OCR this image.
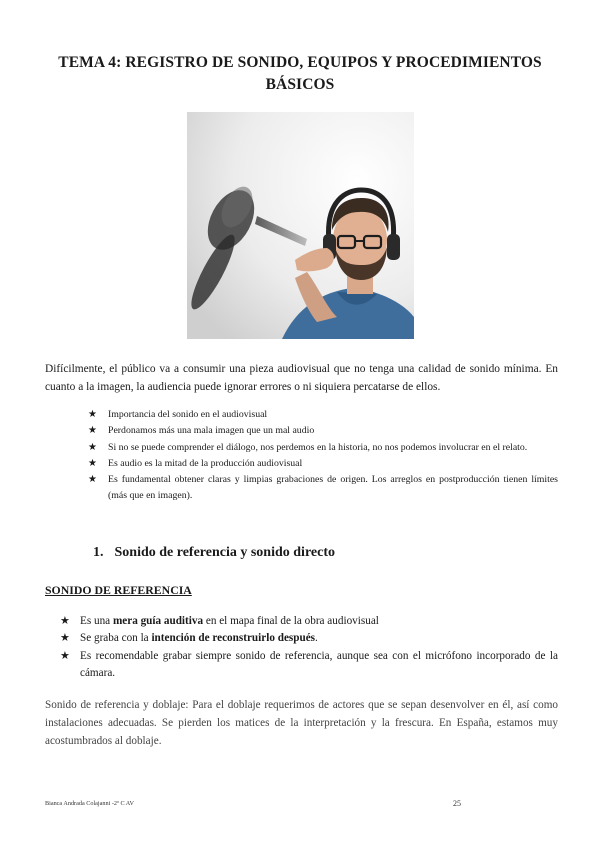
TEMA 4: REGISTRO DE SONIDO, EQUIPOS Y PROCEDIMIENTOS BÁSICOS
Difícilmente, el público va a consumir una pieza audiovisual que no tenga una calidad de sonido mínima. En cuanto a la imagen, la audiencia puede ignorar errores o ni siquiera percatarse de ellos.
★ Importancia del sonido en el audiovisual
★ Perdonamos más una mala imagen que un mal audio
★ Si no se puede comprender el diálogo, nos perdemos en la historia, no nos podemos involucrar en el relato.
★ Es audio es la mitad de la producción audiovisual
★ Es fundamental obtener claras y limpias grabaciones de origen. Los arreglos en postproducción tienen límites (más que en imagen).
1. Sonido de referencia y sonido directo
SONIDO DE REFERENCIA
★ Es una mera guía auditiva en el mapa final de la obra audiovisual
★ Se graba con la intención de reconstruirlo después.
★ Es recomendable grabar siempre sonido de referencia, aunque sea con el micrófono incorporado de la cámara.
Sonido de referencia y doblaje: Para el doblaje requerimos de actores que se sepan desenvolver en él, así como instalaciones adecuadas. Se pierden los matices de la interpretación y la frescura. En España, estamos muy acostumbrados al doblaje.
Bianca Andrada Colajanni -2º C AV	25
